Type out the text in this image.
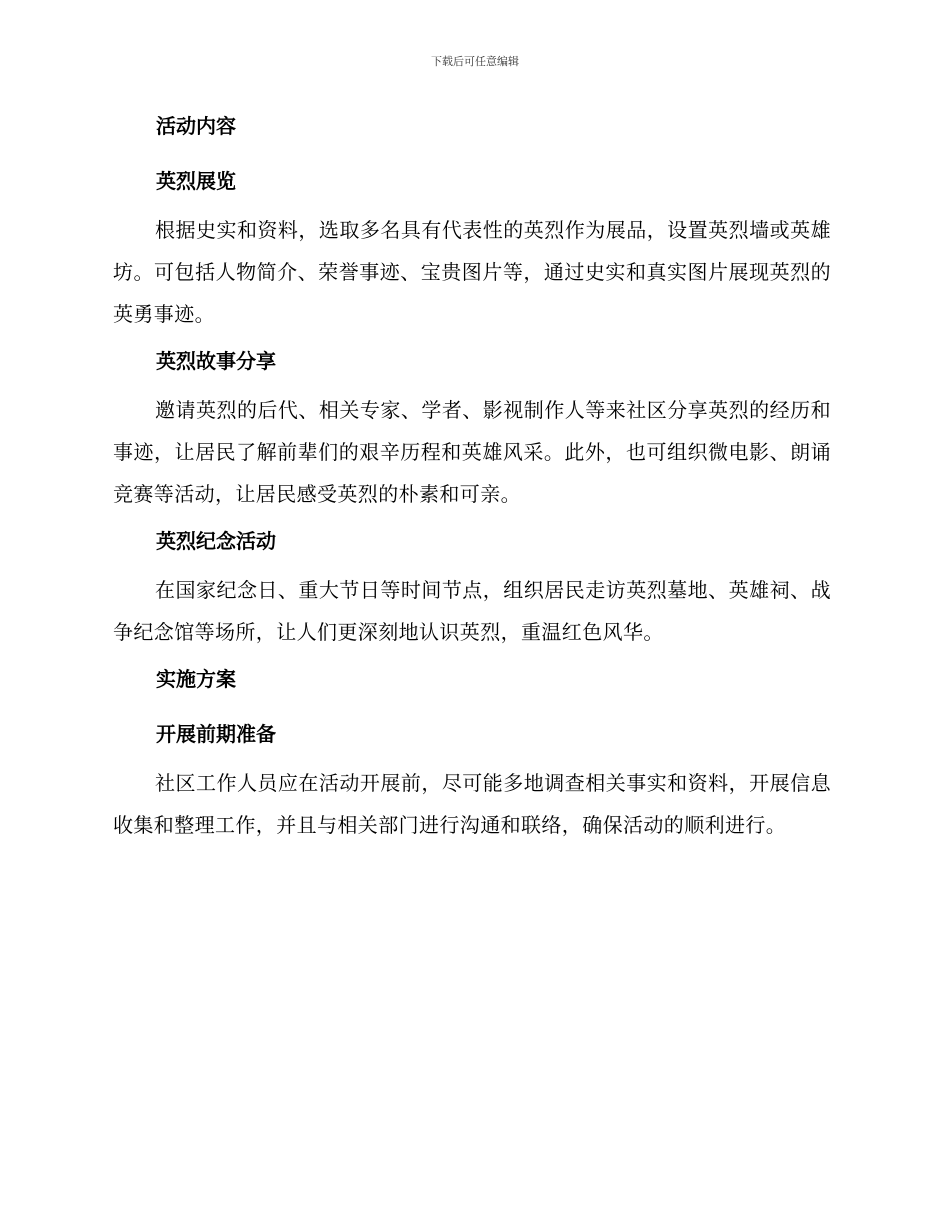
下载后可任意编辑
活动内容
英烈展览

根据史实和资料，选取多名具有代表性的英烈作为展品，设置英烈墙或英雄坊。可包括人物简介、荣誉事迹、宝贵图片等，通过史实和真实图片展现英烈的英勇事迹。

英烈故事分享

邀请英烈的后代、相关专家、学者、影视制作人等来社区分享英烈的经历和事迹，让居民了解前辈们的艰辛历程和英雄风采。此外，也可组织微电影、朗诵竞赛等活动，让居民感受英烈的朴素和可亲。

英烈纪念活动

在国家纪念日、重大节日等时间节点，组织居民走访英烈墓地、英雄祠、战争纪念馆等场所，让人们更深刻地认识英烈，重温红色风华。

实施方案
开展前期准备

社区工作人员应在活动开展前，尽可能多地调查相关事实和资料，开展信息收集和整理工作，并且与相关部门进行沟通和联络，确保活动的顺利进行。
